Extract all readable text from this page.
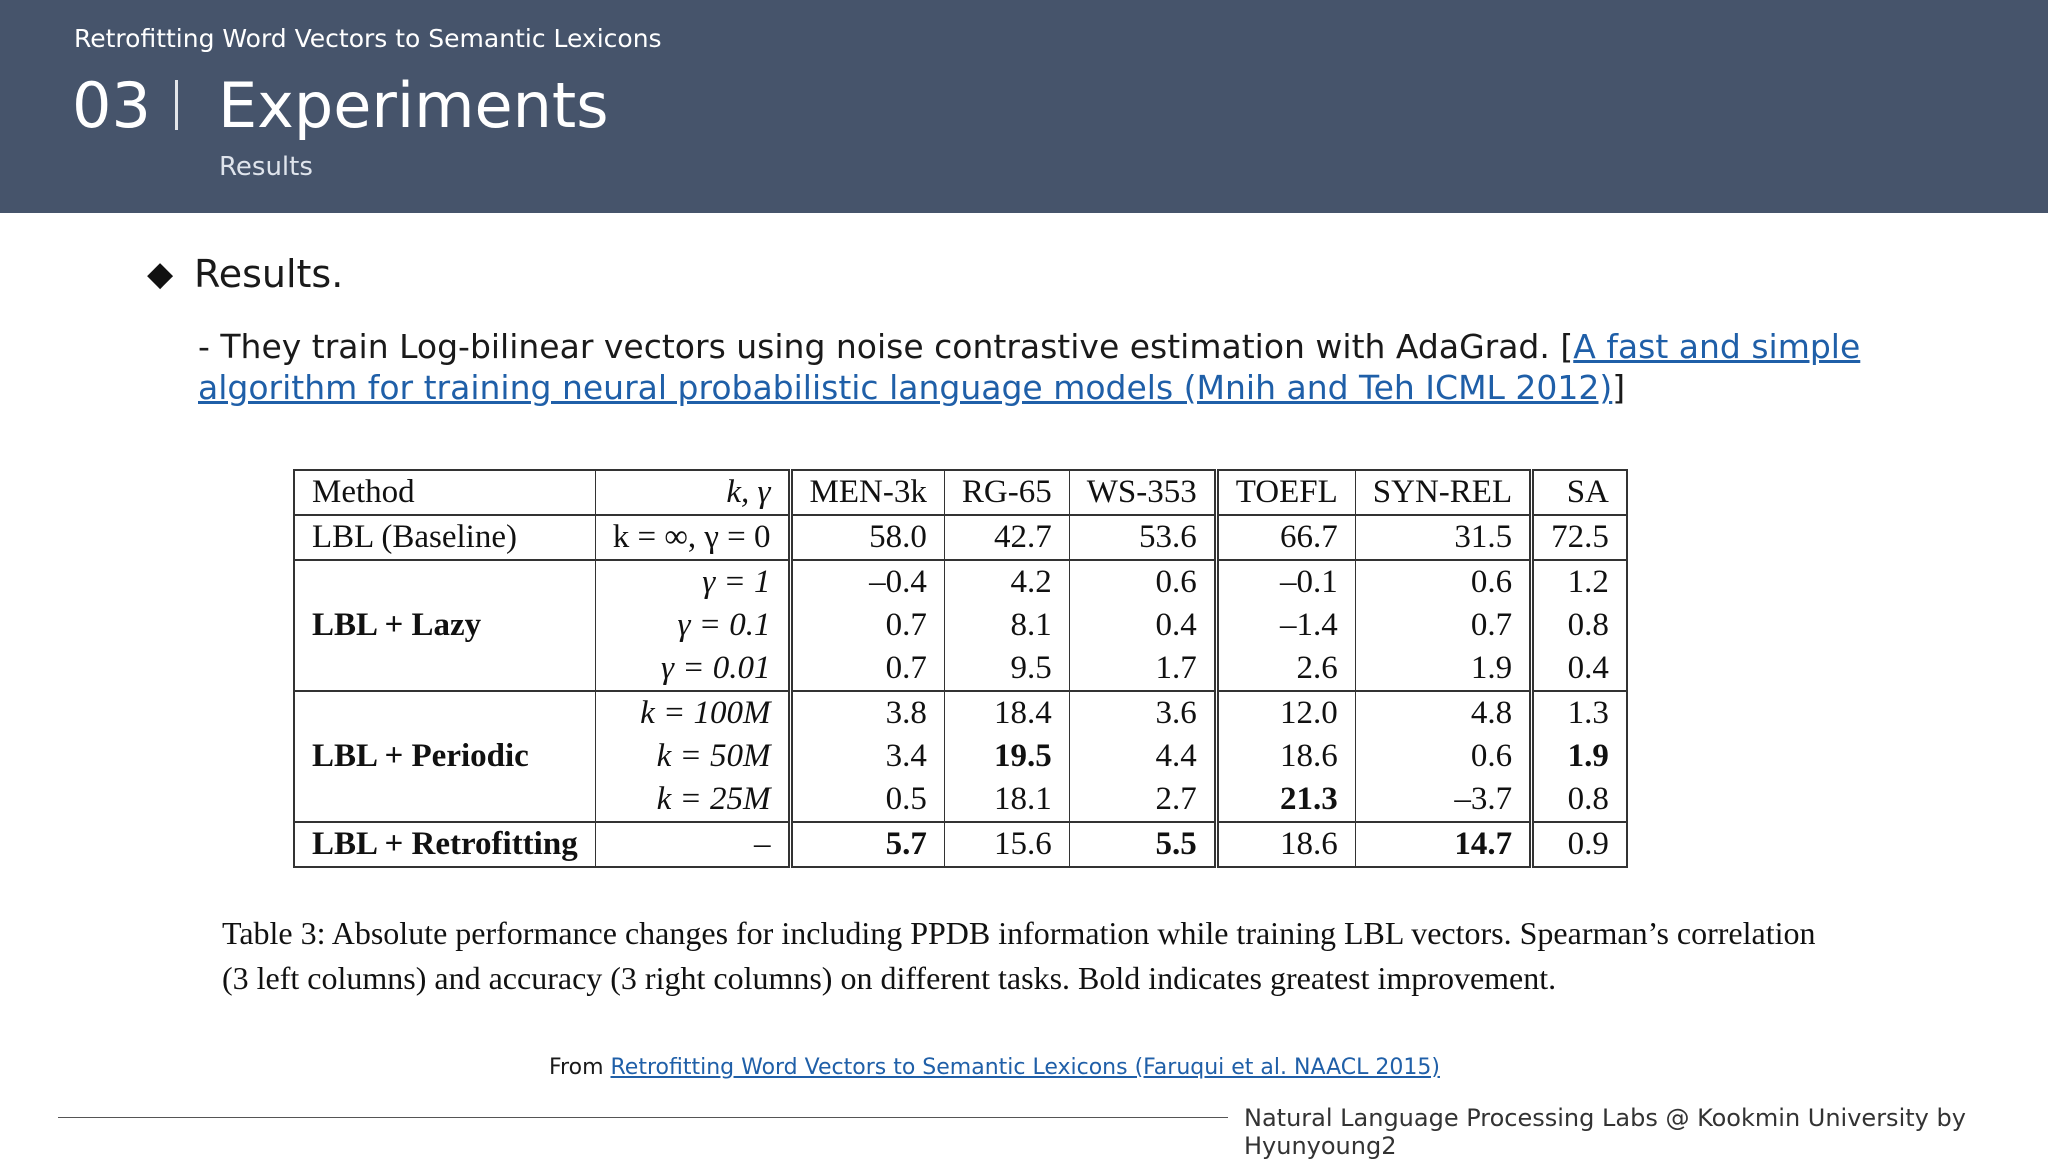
Retrofitting Word Vectors to Semantic Lexicons
03 Experiments
Results
◆ Results.
- They train Log-bilinear vectors using noise contrastive estimation with AdaGrad. [A fast and simple algorithm for training neural probabilistic language models (Mnih and Teh ICML 2012)]
Method	k, γ	MEN-3k	RG-65	WS-353	TOEFL	SYN-REL	SA
LBL (Baseline)	k = ∞, γ = 0	58.0	42.7	53.6	66.7	31.5	72.5
LBL + Lazy	γ = 1	–0.4	4.2	0.6	–0.1	0.6	1.2
	γ = 0.1	0.7	8.1	0.4	–1.4	0.7	0.8
	γ = 0.01	0.7	9.5	1.7	2.6	1.9	0.4
LBL + Periodic	k = 100M	3.8	18.4	3.6	12.0	4.8	1.3
	k = 50M	3.4	19.5	4.4	18.6	0.6	1.9
	k = 25M	0.5	18.1	2.7	21.3	–3.7	0.8
LBL + Retrofitting	–	5.7	15.6	5.5	18.6	14.7	0.9
Table 3: Absolute performance changes for including PPDB information while training LBL vectors. Spearman’s correlation (3 left columns) and accuracy (3 right columns) on different tasks. Bold indicates greatest improvement.
From Retrofitting Word Vectors to Semantic Lexicons (Faruqui et al. NAACL 2015)
Natural Language Processing Labs @ Kookmin University by Hyunyoung2
